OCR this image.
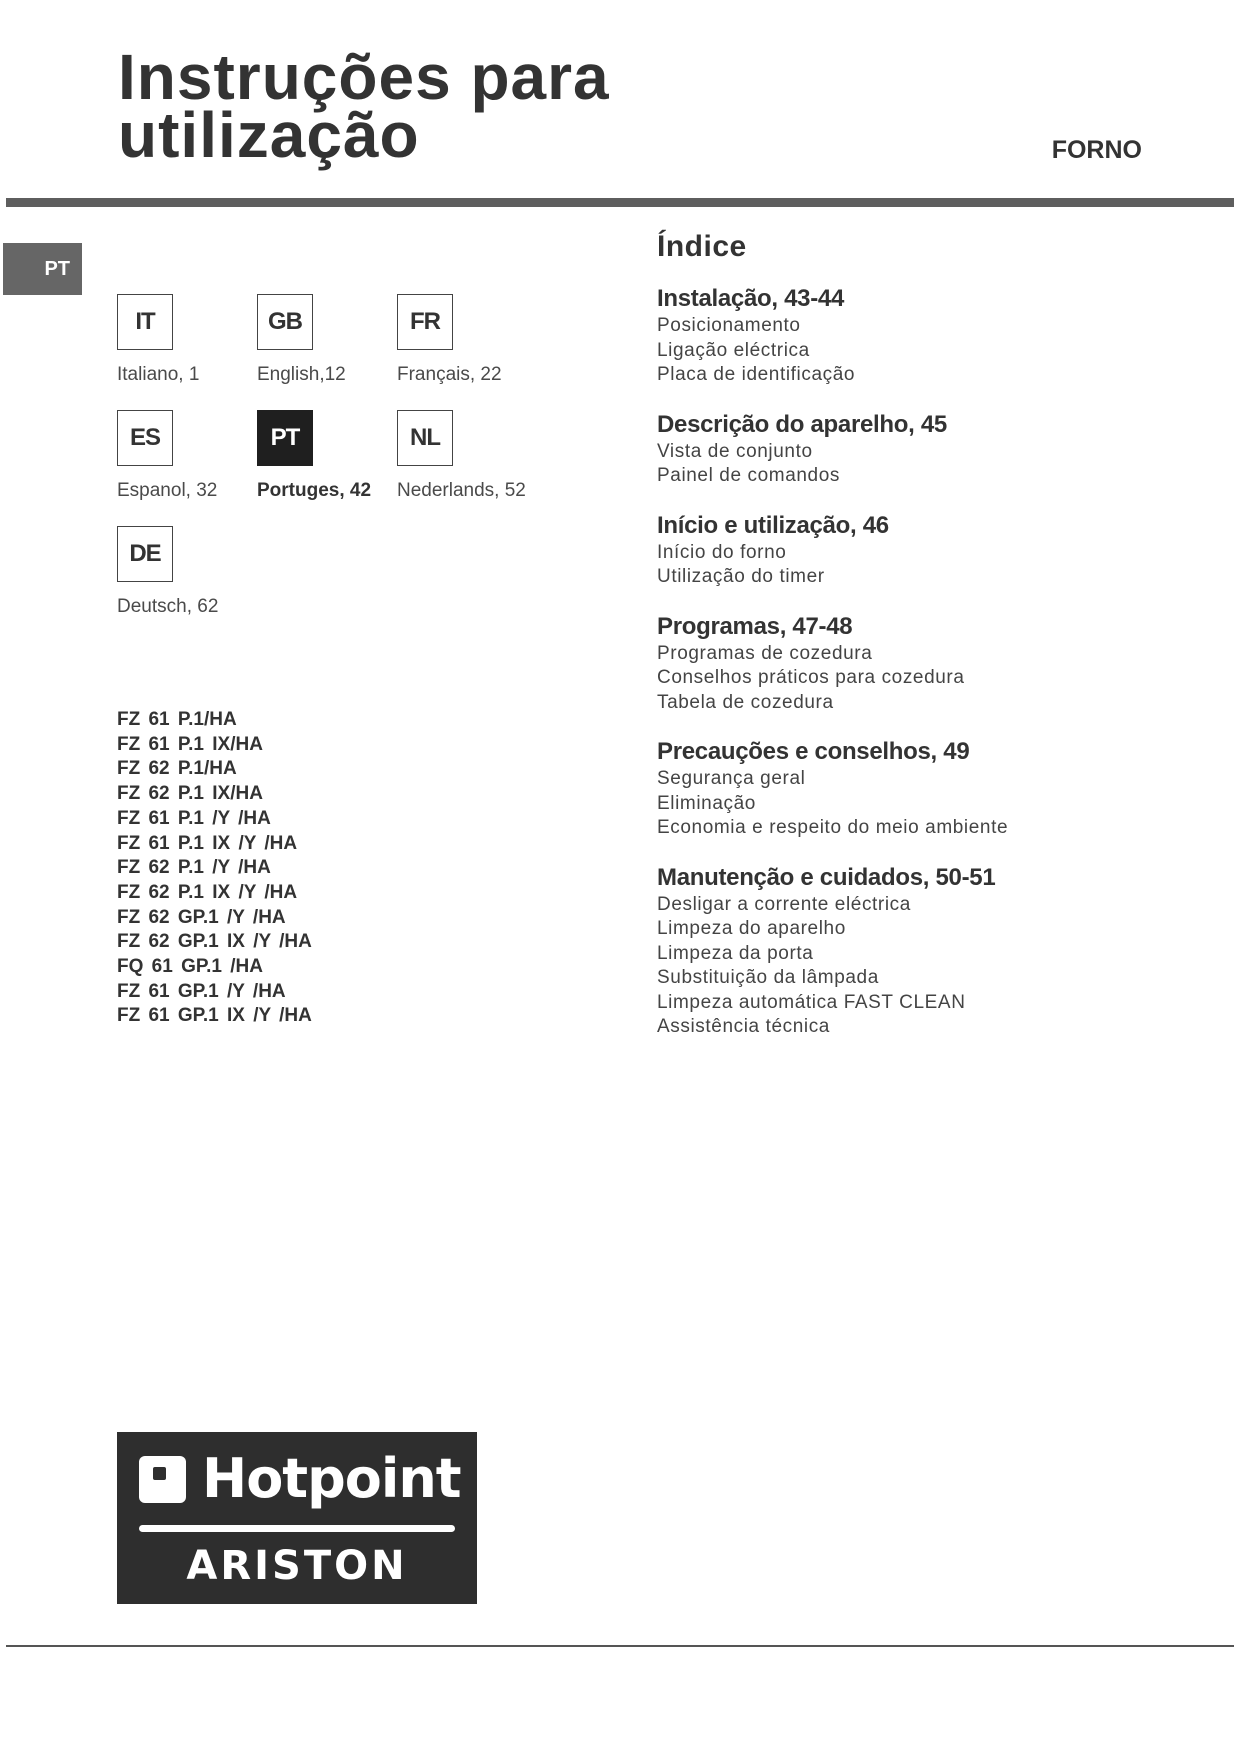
Instruções para
utilização	FORNO
PT
IT
Italiano, 1
GB
English,12
FR
Français, 22
ES
Espanol, 32
PT
Portuges, 42
NL
Nederlands, 52
DE
Deutsch, 62
FZ 61 P.1/HA
FZ 61 P.1 IX/HA
FZ 62 P.1/HA
FZ 62 P.1 IX/HA
FZ 61 P.1 /Y /HA
FZ 61 P.1 IX /Y /HA
FZ 62 P.1 /Y /HA
FZ 62 P.1 IX /Y /HA
FZ 62 GP.1 /Y /HA
FZ 62 GP.1 IX /Y /HA
FQ 61 GP.1 /HA
FZ 61 GP.1 /Y /HA
FZ 61 GP.1 IX /Y /HA
Índice
Instalação, 43-44
Posicionamento
Ligação eléctrica
Placa de identificação
Descrição do aparelho, 45
Vista de conjunto
Painel de comandos
Início e utilização, 46
Início do forno
Utilização do timer
Programas, 47-48
Programas de cozedura
Conselhos práticos para cozedura
Tabela de cozedura
Precauções e conselhos, 49
Segurança geral
Eliminação
Economia e respeito do meio ambiente
Manutenção e cuidados, 50-51
Desligar a corrente eléctrica
Limpeza do aparelho
Limpeza da porta
Substituição da lâmpada
Limpeza automática FAST CLEAN
Assistência técnica
Hotpoint
ARISTON
